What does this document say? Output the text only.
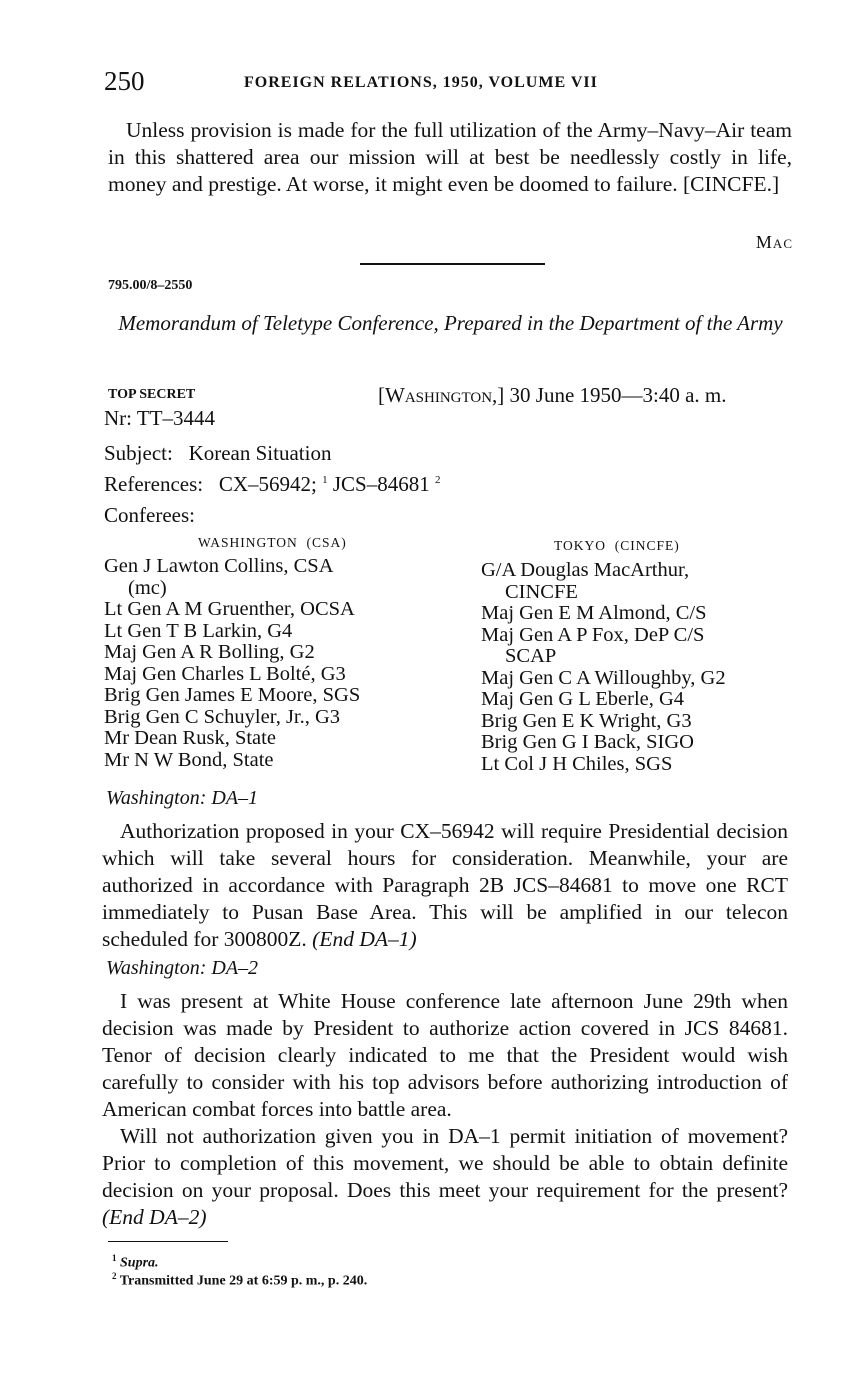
250	FOREIGN RELATIONS, 1950, VOLUME VII
Unless provision is made for the full utilization of the Army–Navy–Air team in this shattered area our mission will at best be needlessly costly in life, money and prestige. At worse, it might even be doomed to failure. [CINCFE.]
Mac
795.00/8–2550
Memorandum of Teletype Conference, Prepared in the Department of the Army
TOP SECRET	[Washington,] 30 June 1950—3:40 a. m.
Nr: TT–3444
Subject:   Korean Situation
References: CX–56942; $^1$ JCS–84681 $^2$
Conferees:
WASHINGTON  (CSA)	TOKYO  (CINCFE)
Gen J Lawton Collins, CSA
(mc)
Lt Gen A M Gruenther, OCSA
Lt Gen T B Larkin, G4
Maj Gen A R Bolling, G2
Maj Gen Charles L Bolté, G3
Brig Gen James E Moore, SGS
Brig Gen C Schuyler, Jr., G3
Mr Dean Rusk, State
Mr N W Bond, State
G/A Douglas MacArthur,
CINCFE
Maj Gen E M Almond, C/S
Maj Gen A P Fox, DeP C/S
SCAP
Maj Gen C A Willoughby, G2
Maj Gen G L Eberle, G4
Brig Gen E K Wright, G3
Brig Gen G I Back, SIGO
Lt Col J H Chiles, SGS
Washington: DA–1
Authorization proposed in your CX–56942 will require Presidential decision which will take several hours for consideration. Meanwhile, your are authorized in accordance with Paragraph 2B JCS–84681 to move one RCT immediately to Pusan Base Area. This will be amplified in our telecon scheduled for 300800Z. (End DA–1)
Washington: DA–2
I was present at White House conference late afternoon June 29th when decision was made by President to authorize action covered in JCS 84681. Tenor of decision clearly indicated to me that the President would wish carefully to consider with his top advisors before authorizing introduction of American combat forces into battle area.
Will not authorization given you in DA–1 permit initiation of movement? Prior to completion of this movement, we should be able to obtain definite decision on your proposal. Does this meet your requirement for the present? (End DA–2)
$^1$ Supra.
$^2$ Transmitted June 29 at 6:59 p. m., p. 240.
